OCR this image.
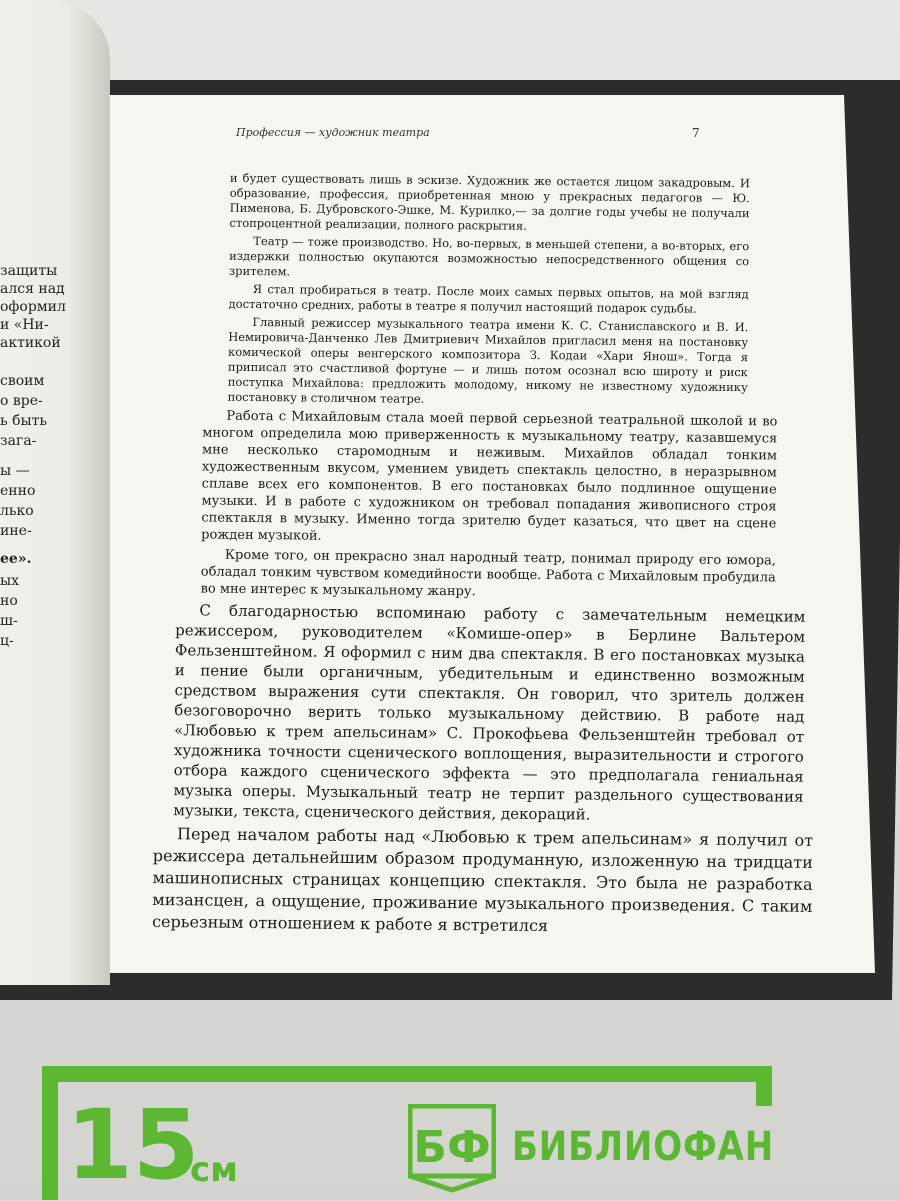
защиты
ался над
оформил
и «Ни-
актикой
своим
о вре-
ь быть
загa-
ы —
енно
лько
ине-
ее».
ых
но
ш-
ц-
Профессия — художник театра	7

и будет существовать лишь в эскизе. Художник же остается лицом закадровым. И образование, профессия, приобретенная мною у прекрасных педагогов — Ю. Пименова, Б. Дубровского-Эшке, М. Курилко,— за долгие годы учебы не получали стопроцентной реализации, полного раскрытия.

Театр — тоже производство. Но, во-первых, в меньшей степени, а во-вторых, его издержки полностью окупаются возможностью непосредственного общения со зрителем.

Я стал пробираться в театр. После моих самых первых опытов, на мой взгляд достаточно средних, работы в театре я получил настоящий подарок судьбы.

Главный режиссер музыкального театра имени К. С. Станиславского и В. И. Немировича-Данченко Лев Дмитриевич Михайлов пригласил меня на постановку комической оперы венгерского композитора З. Кодаи «Хари Янош». Тогда я приписал это счастливой фортуне — и лишь потом осознал всю широту и риск поступка Михайлова: предложить молодому, никому не известному художнику постановку в столичном театре.

Работа с Михайловым стала моей первой серьезной театральной школой и во многом определила мою приверженность к музыкальному театру, казавшемуся мне несколько старомодным и неживым. Михайлов обладал тонким художественным вкусом, умением увидеть спектакль целостно, в неразрывном сплаве всех его компонентов. В его постановках было подлинное ощущение музыки. И в работе с художником он требовал попадания живописного строя спектакля в музыку. Именно тогда зрителю будет казаться, что цвет на сцене рожден музыкой.

Кроме того, он прекрасно знал народный театр, понимал природу его юмора, обладал тонким чувством комедийности вообще. Работа с Михайловым пробудила во мне интерес к музыкальному жанру.

С благодарностью вспоминаю работу с замечательным немецким режиссером, руководителем «Комише-опер» в Берлине Вальтером Фельзенштейном. Я оформил с ним два спектакля. В его постановках музыка и пение были органичным, убедительным и единственно возможным средством выражения сути спектакля. Он говорил, что зритель должен безоговорочно верить только музыкальному действию. В работе над «Любовью к трем апельсинам» С. Прокофьева Фельзенштейн требовал от художника точности сценического воплощения, выразительности и строгого отбора каждого сценического эффекта — это предполагала гениальная музыка оперы. Музыкальный театр не терпит раздельного существования музыки, текста, сценического действия, декораций.

Перед началом работы над «Любовью к трем апельсинам» я получил от режиссера детальнейшим образом продуманную, изложенную на тридцати машинописных страницах концепцию спектакля. Это была не разработка мизансцен, а ощущение, проживание музыкального произведения. С таким серьезным отношением к работе я встретился

15
см	БФ БИБЛИОФАН
